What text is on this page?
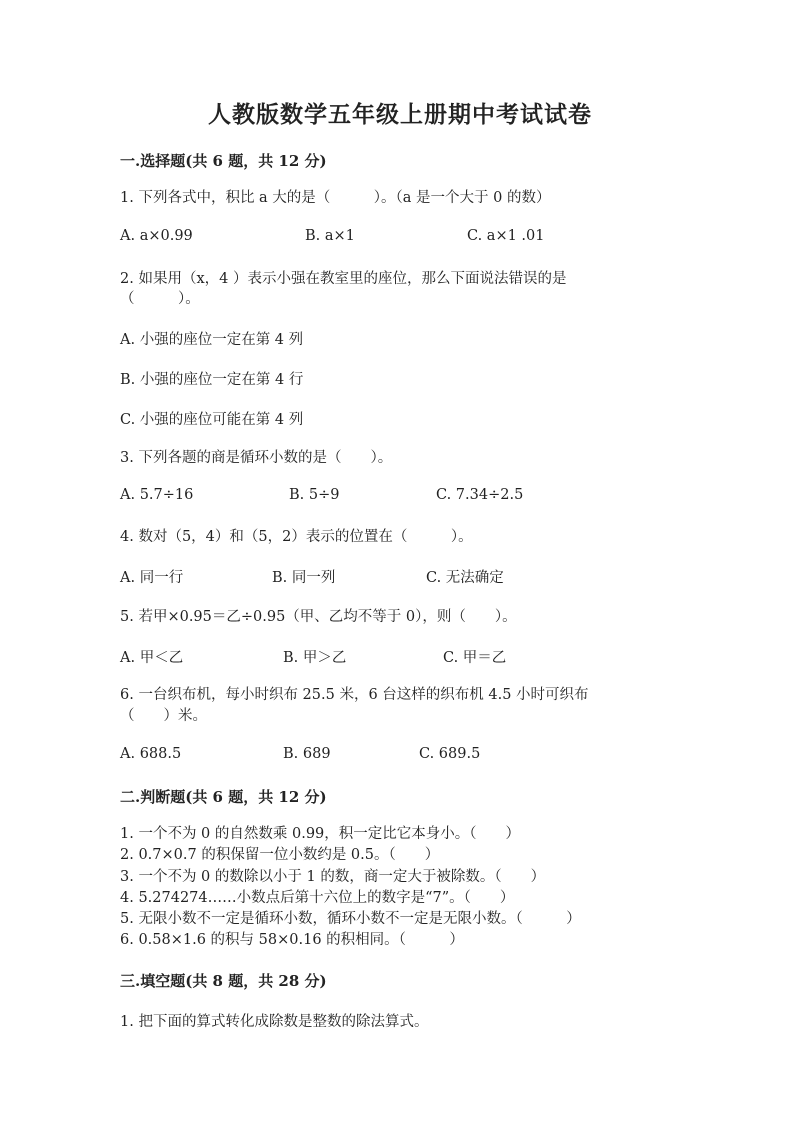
人教版数学五年级上册期中考试试卷
一.选择题(共 6 题，共 12 分)
1. 下列各式中，积比 a 大的是（　　　）。（a 是一个大于 0 的数）
A. a×0.99	B. a×1	C. a×1 .01
2. 如果用（x，4 ）表示小强在教室里的座位，那么下面说法错误的是
（　　　）。
A. 小强的座位一定在第 4 列
B. 小强的座位一定在第 4 行
C. 小强的座位可能在第 4 列
3. 下列各题的商是循环小数的是（　　）。
A. 5.7÷16	B. 5÷9	C. 7.34÷2.5
4. 数对（5，4）和（5，2）表示的位置在（　　　）。
A. 同一行	B. 同一列	C. 无法确定
5. 若甲×0.95＝乙÷0.95（甲、乙均不等于 0），则（　　）。
A. 甲＜乙	B. 甲＞乙	C. 甲＝乙
6. 一台织布机，每小时织布 25.5 米，6 台这样的织布机 4.5 小时可织布
（　　）米。
A. 688.5	B. 689	C. 689.5
二.判断题(共 6 题，共 12 分)
1. 一个不为 0 的自然数乘 0.99，积一定比它本身小。（　　）
2. 0.7×0.7 的积保留一位小数约是 0.5。（　　）
3. 一个不为 0 的数除以小于 1 的数，商一定大于被除数。（　　）
4. 5.274274……小数点后第十六位上的数字是“7”。（　　）
5. 无限小数不一定是循环小数，循环小数不一定是无限小数。（　　　）
6. 0.58×1.6 的积与 58×0.16 的积相同。（　　　）
三.填空题(共 8 题，共 28 分)
1. 把下面的算式转化成除数是整数的除法算式。
